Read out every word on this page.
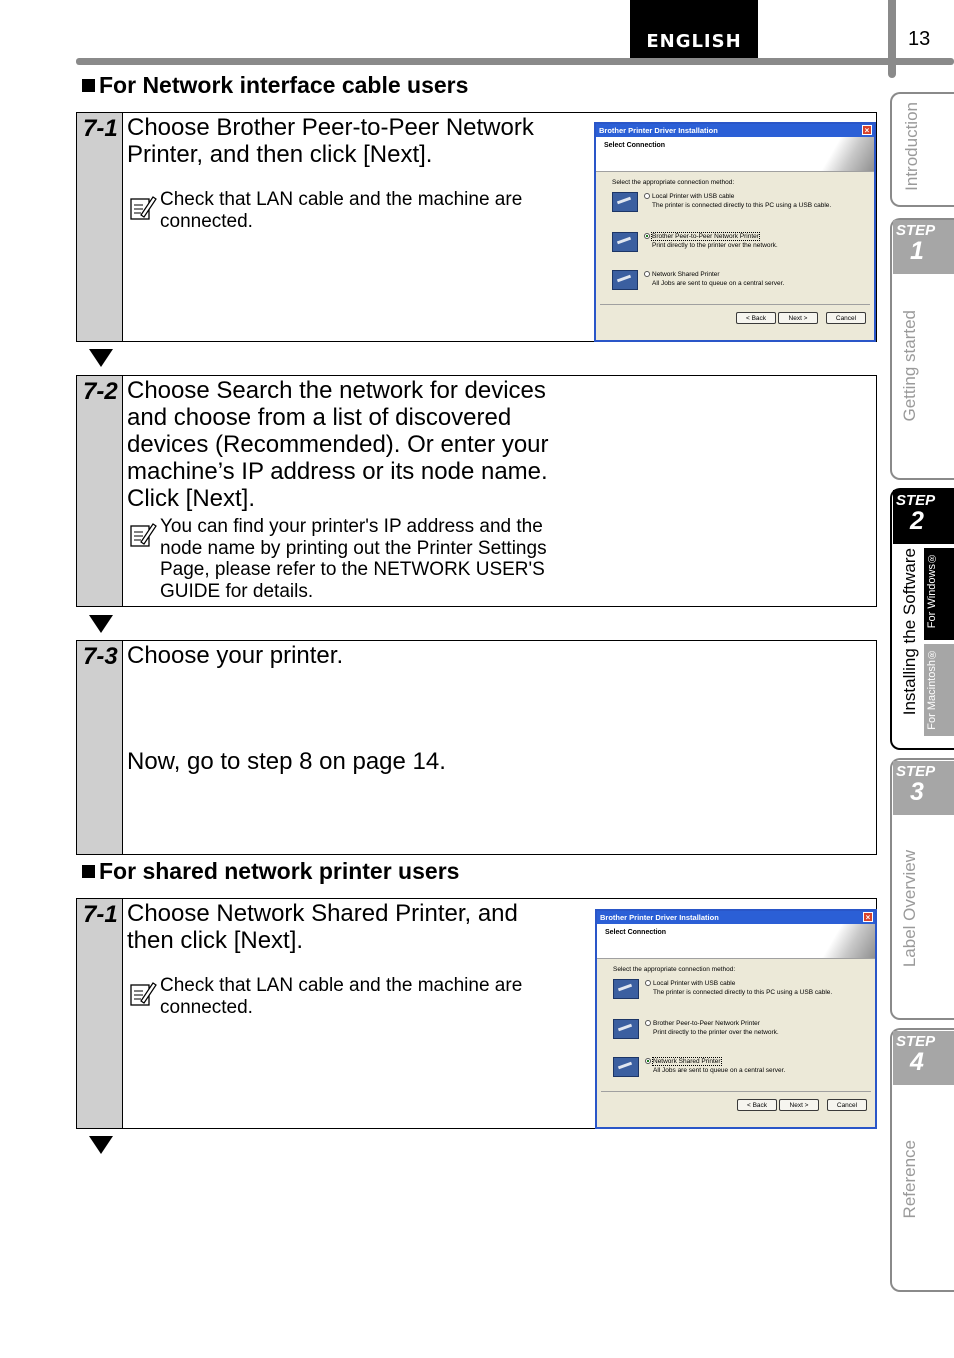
ENGLISH	13
For Network interface cable users
7-1 Choose Brother Peer-to-Peer Network
Printer, and then click [Next].
Check that LAN cable and the machine are
connected.
Brother Printer Driver Installation	×
Select Connection
Select the appropriate connection method:
Local Printer with USB cable
The printer is connected directly to this PC using a USB cable.
Brother Peer-to-Peer Network Printer
Print directly to the printer over the network.
Network Shared Printer
All Jobs are sent to queue on a central server.
< Back	Next >	Cancel
7-2 Choose Search the network for devices
and choose from a list of discovered
devices (Recommended). Or enter your
machine’s IP address or its node name.
Click [Next].
You can find your printer's IP address and the
node name by printing out the Printer Settings
Page, please refer to the NETWORK USER'S
GUIDE for details.
7-3 Choose your printer.
Now, go to step 8 on page 14.
For shared network printer users
7-1 Choose Network Shared Printer, and
then click [Next].
Check that LAN cable and the machine are
connected.
Brother Printer Driver Installation	×
Select Connection
Select the appropriate connection method:
Local Printer with USB cable
The printer is connected directly to this PC using a USB cable.
Brother Peer-to-Peer Network Printer
Print directly to the printer over the network.
Network Shared Printer
All Jobs are sent to queue on a central server.
< Back	Next >	Cancel
Introduction
Getting started
STEP
1
Installing the Software
STEP
2
For Windows®
For Macintosh®
Label Overview
STEP
3
Reference
STEP
4
